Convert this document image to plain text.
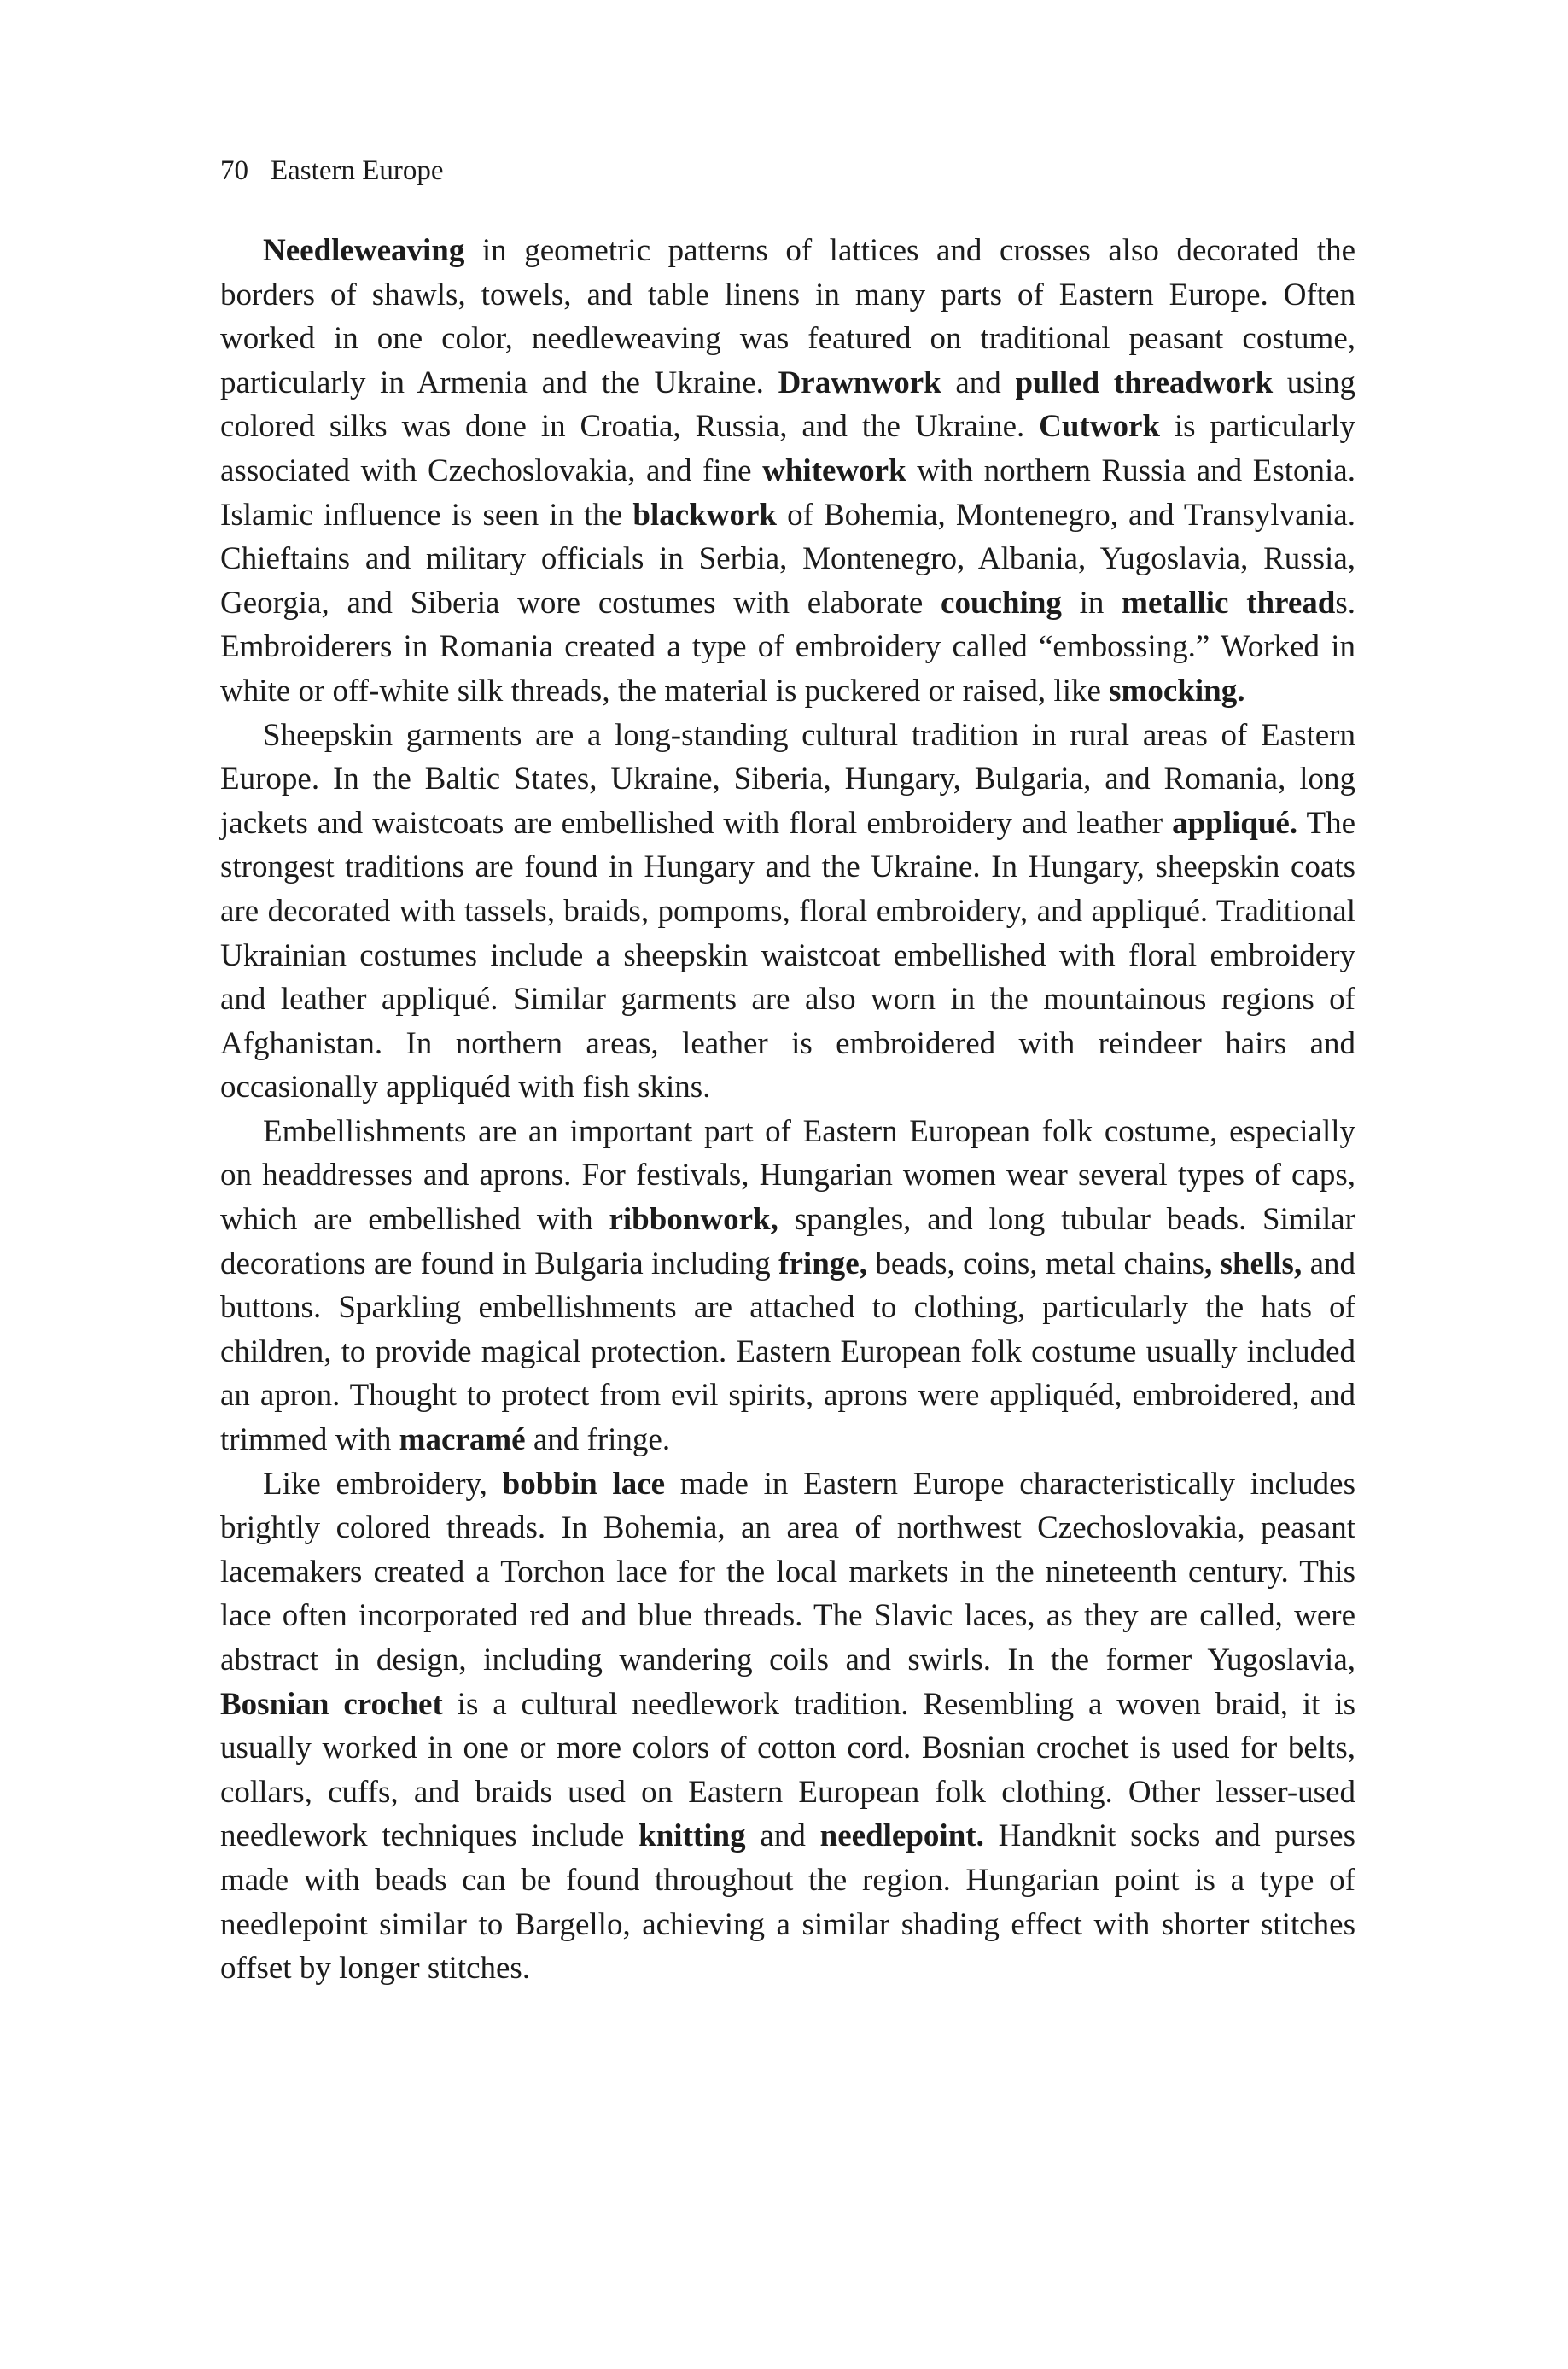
70 Eastern Europe

Needleweaving in geometric patterns of lattices and crosses also decorated the borders of shawls, towels, and table linens in many parts of Eastern Europe. Often worked in one color, needleweaving was featured on traditional peasant costume, particularly in Armenia and the Ukraine. Drawnwork and pulled threadwork using colored silks was done in Croatia, Russia, and the Ukraine. Cutwork is particularly associated with Czechoslovakia, and fine whitework with northern Russia and Estonia. Islamic influence is seen in the blackwork of Bohemia, Montenegro, and Transylvania. Chieftains and military officials in Serbia, Montenegro, Albania, Yugoslavia, Russia, Georgia, and Siberia wore costumes with elaborate couching in metallic threads. Embroiderers in Romania created a type of embroidery called “embossing.” Worked in white or off-white silk threads, the material is puckered or raised, like smocking.

Sheepskin garments are a long-standing cultural tradition in rural areas of Eastern Europe. In the Baltic States, Ukraine, Siberia, Hungary, Bulgaria, and Romania, long jackets and waistcoats are embellished with floral embroidery and leather appliqué. The strongest traditions are found in Hungary and the Ukraine. In Hungary, sheepskin coats are decorated with tassels, braids, pompoms, floral embroidery, and appliqué. Traditional Ukrainian costumes include a sheepskin waistcoat embellished with floral embroidery and leather appliqué. Similar garments are also worn in the mountainous regions of Afghanistan. In northern areas, leather is embroidered with reindeer hairs and occasionally appliquéd with fish skins.

Embellishments are an important part of Eastern European folk costume, especially on headdresses and aprons. For festivals, Hungarian women wear several types of caps, which are embellished with ribbonwork, spangles, and long tubular beads. Similar decorations are found in Bulgaria including fringe, beads, coins, metal chains, shells, and buttons. Sparkling embellishments are attached to clothing, particularly the hats of children, to provide magical protection. Eastern European folk costume usually included an apron. Thought to protect from evil spirits, aprons were appliquéd, embroidered, and trimmed with macramé and fringe.

Like embroidery, bobbin lace made in Eastern Europe characteristically includes brightly colored threads. In Bohemia, an area of northwest Czechoslovakia, peasant lacemakers created a Torchon lace for the local markets in the nineteenth century. This lace often incorporated red and blue threads. The Slavic laces, as they are called, were abstract in design, including wandering coils and swirls. In the former Yugoslavia, Bosnian crochet is a cultural needlework tradition. Resembling a woven braid, it is usually worked in one or more colors of cotton cord. Bosnian crochet is used for belts, collars, cuffs, and braids used on Eastern European folk clothing. Other lesser-used needlework techniques include knitting and needlepoint. Handknit socks and purses made with beads can be found throughout the region. Hungarian point is a type of needlepoint similar to Bargello, achieving a similar shading effect with shorter stitches offset by longer stitches.
